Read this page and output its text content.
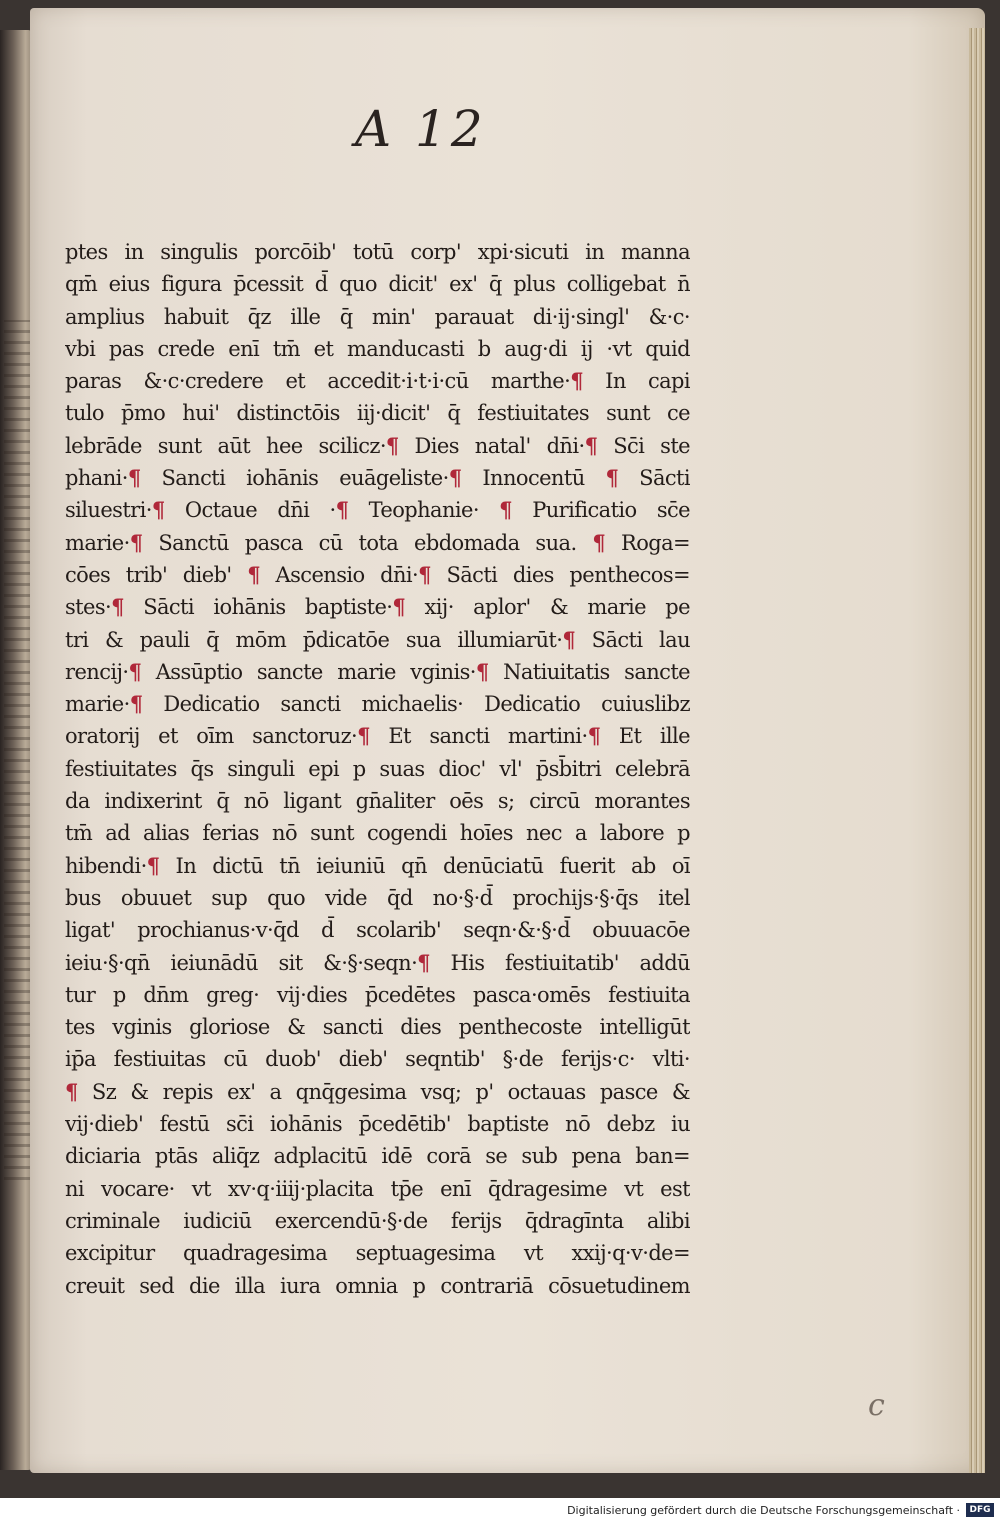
A 12
ptes in singulis porcōib' totū corp' xpi·sicuti in manna
qm̄ eius figura p̄cessit d̄ quo dicit' ex' q̄ plus colligebat n̄
amplius habuit q̄z ille q̄ min' parauat di·ij·singl' &·c·
vbi pas crede enī tm̄ et manducasti b aug·di ij ·vt quid
paras &·c·credere et accedit·i·t·i·cū marthe·¶ In capi
tulo p̄mo hui' distinctōis iij·dicit' q̄ festiuitates sunt ce
lebrāde sunt aūt hee scilicz·¶ Dies natal' dn̄i·¶ Sc̄i ste
phani·¶ Sancti iohānis euāgeliste·¶ Innocentū ¶ Sācti
siluestri·¶ Octaue dn̄i ·¶ Teophanie· ¶ Purificatio sc̄e
marie·¶ Sanctū pasca cū tota ebdomada sua. ¶ Roga=
cōes trib' dieb' ¶ Ascensio dn̄i·¶ Sācti dies penthecos=
stes·¶ Sācti iohānis baptiste·¶ xij· aplor' & marie pe
tri & pauli q̄ mōm p̄dicatōe sua illumiarūt·¶ Sācti lau
rencij·¶ Assūptio sancte marie vginis·¶ Natiuitatis sancte
marie·¶ Dedicatio sancti michaelis· Dedicatio cuiuslibz
oratorij et oīm sanctoruz·¶ Et sancti martini·¶ Et ille
festiuitates q̄s singuli epi p suas dioc' vl' p̄sb̄itri celebrā
da indixerint q̄ nō ligant gn̄aliter oēs s; circū morantes
tm̄ ad alias ferias nō sunt cogendi hoīes nec a labore p
hibendi·¶ In dictū tn̄ ieiuniū qn̄ denūciatū fuerit ab oī
bus obuuet sup quo vide q̄d no·§·d̄ prochijs·§·q̄s itel
ligat' prochianus·v·q̄d d̄ scolarib' seqn·&·§·d̄ obuuacōe
ieiu·§·qn̄ ieiunādū sit &·§·seqn·¶ His festiuitatib' addū
tur p dn̄m greg· vij·dies p̄cedētes pasca·omēs festiuita
tes vginis gloriose & sancti dies penthecoste intelligūt
ip̄a festiuitas cū duob' dieb' seqntib' §·de ferijs·c· vlti·
¶ Sz & repis ex' a qnq̄gesima vsq; p' octauas pasce &
vij·dieb' festū sc̄i iohānis p̄cedētib' baptiste nō debz iu
diciaria ptās aliq̄z adplacitū idē corā se sub pena ban=
ni vocare· vt xv·q·iiij·placita tp̄e enī q̄dragesime vt est
criminale iudiciū exercendū·§·de ferijs q̄dragīnta alibi
excipitur quadragesima septuagesima vt xxij·q·v·de=
creuit sed die illa iura omnia p contrariā cōsuetudinem
c
Digitalisierung gefördert durch die Deutsche Forschungsgemeinschaft ·	DFG
